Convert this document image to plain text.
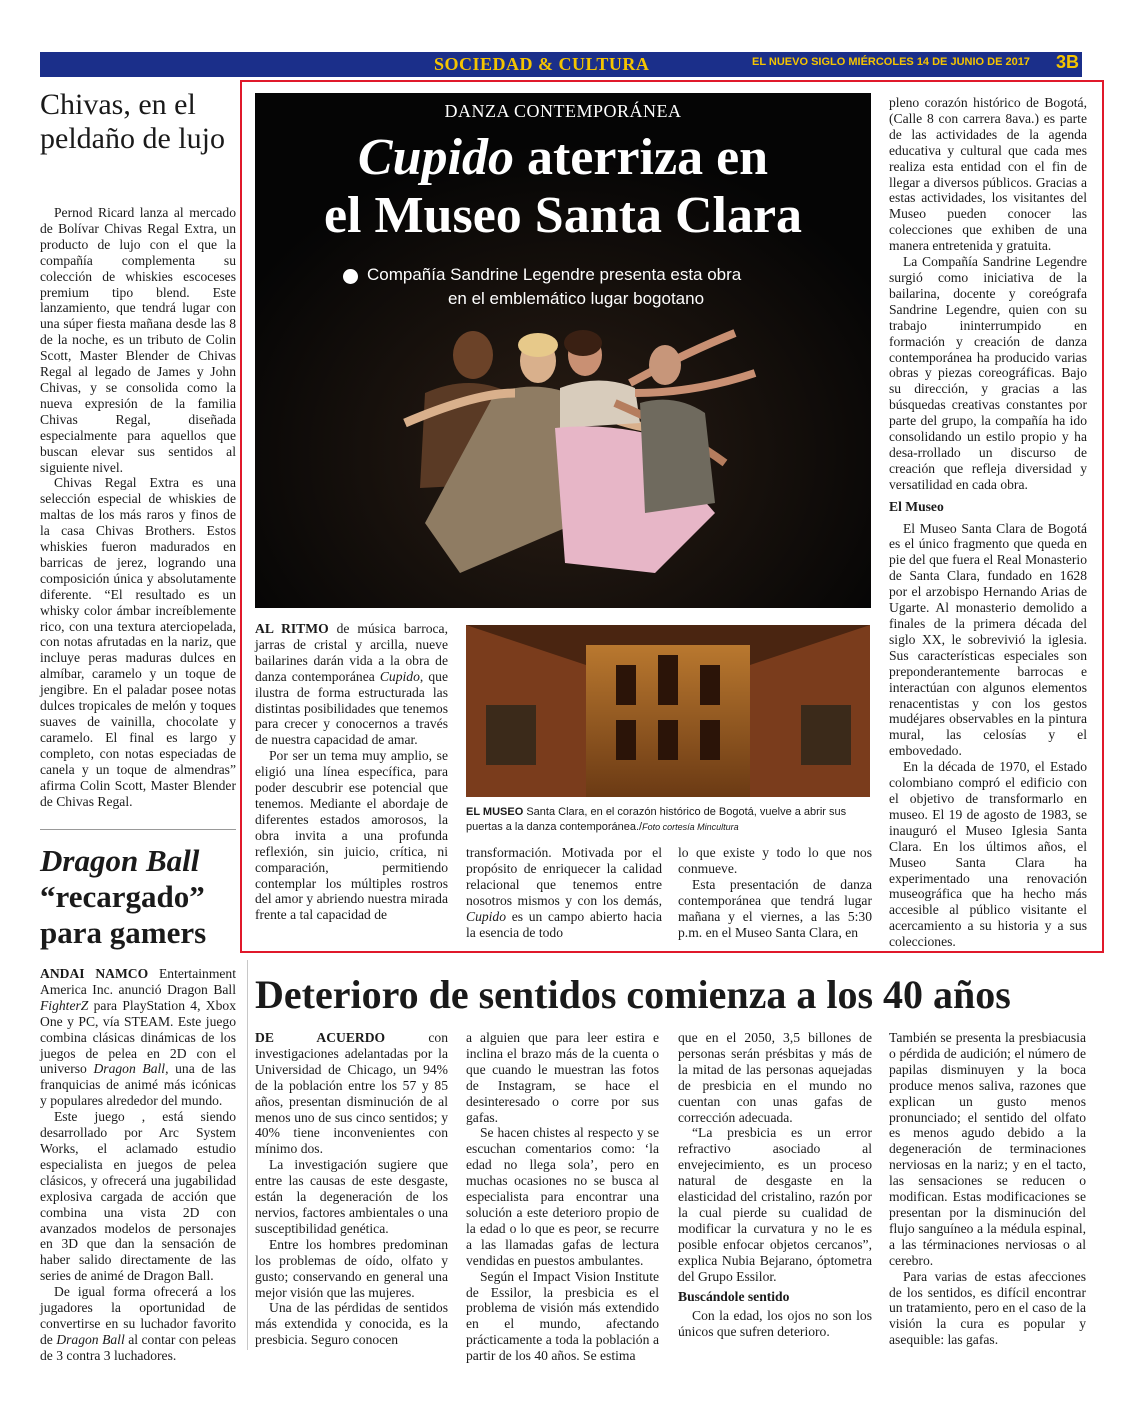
SOCIEDAD & CULTURA	EL NUEVO SIGLO MIÉRCOLES 14 DE JUNIO DE 2017 3B
Chivas, en el peldaño de lujo

Pernod Ricard lanza al mercado de Bolívar Chivas Regal Extra, un producto de lujo con el que la compañía complementa su colección de whiskies escoceses premium tipo blend. Este lanzamiento, que tendrá lugar con una súper fiesta mañana desde las 8 de la noche, es un tributo de Colin Scott, Master Blender de Chivas Regal al legado de James y John Chivas, y se consolida como la nueva expresión de la familia Chivas Regal, diseñada especialmente para aquellos que buscan elevar sus sentidos al siguiente nivel.

Chivas Regal Extra es una selección especial de whiskies de maltas de los más raros y finos de la casa Chivas Brothers. Estos whiskies fueron madurados en barricas de jerez, logrando una composición única y absolutamente diferente. “El resultado es un whisky color ámbar increíblemente rico, con una textura aterciopelada, con notas afrutadas en la nariz, que incluye peras maduras dulces en almíbar, caramelo y un toque de jengibre. En el paladar posee notas dulces tropicales de melón y toques suaves de vainilla, chocolate y caramelo. El final es largo y completo, con notas especiadas de canela y un toque de almendras” afirma Colin Scott, Master Blender de Chivas Regal.

Dragon Ball
“recargado” para gamers

ANDAI NAMCO Entertainment America Inc. anunció Dragon Ball FighterZ para PlayStation 4, Xbox One y PC, vía STEAM. Este juego combina clásicas dinámicas de los juegos de pelea en 2D con el universo Dragon Ball, una de las franquicias de animé más icónicas y populares alrededor del mundo.

Este juego , está siendo desarrollado por Arc System Works, el aclamado estudio especialista en juegos de pelea clásicos, y ofrecerá una jugabilidad explosiva cargada de acción que combina una vista 2D con avanzados modelos de personajes en 3D que dan la sensación de haber salido directamente de las series de animé de Dragon Ball.

De igual forma ofrecerá a los jugadores la oportunidad de convertirse en su luchador favorito de Dragon Ball al contar con peleas de 3 contra 3 luchadores.

DANZA CONTEMPORÁNEA
Cupido aterriza en
el Museo Santa Clara
Compañía Sandrine Legendre presenta esta obra
en el emblemático lugar bogotano

AL RITMO de música barroca, jarras de cristal y arcilla, nueve bailarines darán vida a la obra de danza contemporánea Cupido, que ilustra de forma estructurada las distintas posibilidades que tenemos para crecer y conocernos a través de nuestra capacidad de amar.

Por ser un tema muy amplio, se eligió una línea específica, para poder descubrir ese potencial que tenemos. Mediante el abordaje de diferentes estados amorosos, la obra invita a una profunda reflexión, sin juicio, crítica, ni comparación, permitiendo contemplar los múltiples rostros del amor y abriendo nuestra mirada frente a tal capacidad de

EL MUSEO Santa Clara, en el corazón histórico de Bogotá, vuelve a abrir sus puertas a la danza contemporánea./Foto cortesía Mincultura

transformación. Motivada por el propósito de enriquecer la calidad relacional que tenemos entre nosotros mismos y con los demás, Cupido es un campo abierto hacia la esencia de todo

lo que existe y todo lo que nos conmueve.

Esta presentación de danza contemporánea que tendrá lugar mañana y el viernes, a las 5:30 p.m. en el Museo Santa Clara, en

pleno corazón histórico de Bogotá, (Calle 8 con carrera 8ava.) es parte de las actividades de la agenda educativa y cultural que cada mes realiza esta entidad con el fin de llegar a diversos públicos. Gracias a estas actividades, los visitantes del Museo pueden conocer las colecciones que exhiben de una manera entretenida y gratuita.

La Compañía Sandrine Legendre surgió como iniciativa de la bailarina, docente y coreógrafa Sandrine Legendre, quien con su trabajo ininterrumpido en formación y creación de danza contemporánea ha producido varias obras y piezas coreográficas. Bajo su dirección, y gracias a las búsquedas creativas constantes por parte del grupo, la compañía ha ido consolidando un estilo propio y ha desa-rrollado un discurso de creación que refleja diversidad y versatilidad en cada obra.

El Museo

El Museo Santa Clara de Bogotá es el único fragmento que queda en pie del que fuera el Real Monasterio de Santa Clara, fundado en 1628 por el arzobispo Hernando Arias de Ugarte. Al monasterio demolido a finales de la primera década del siglo XX, le sobrevivió la iglesia. Sus características especiales son preponderantemente barrocas e interactúan con algunos elementos renacentistas y con los gestos mudéjares observables en la pintura mural, las celosías y el embovedado.

En la década de 1970, el Estado colombiano compró el edificio con el objetivo de transformarlo en museo. El 19 de agosto de 1983, se inauguró el Museo Iglesia Santa Clara. En los últimos años, el Museo Santa Clara ha experimentado una renovación museográfica que ha hecho más accesible al público visitante el acercamiento a su historia y a sus colecciones.

Deterioro de sentidos comienza a los 40 años

DE ACUERDO con investigaciones adelantadas por la Universidad de Chicago, un 94% de la población entre los 57 y 85 años, presentan disminución de al menos uno de sus cinco sentidos; y 40% tiene inconvenientes con mínimo dos.

La investigación sugiere que entre las causas de este desgaste, están la degeneración de los nervios, factores ambientales o una susceptibilidad genética.

Entre los hombres predominan los problemas de oído, olfato y gusto; conservando en general una mejor visión que las mujeres.

Una de las pérdidas de sentidos más extendida y conocida, es la presbicia. Seguro conocen

a alguien que para leer estira e inclina el brazo más de la cuenta o que cuando le muestran las fotos de Instagram, se hace el desinteresado o corre por sus gafas.

Se hacen chistes al respecto y se escuchan comentarios como: ‘la edad no llega sola’, pero en muchas ocasiones no se busca al especialista para encontrar una solución a este deterioro propio de la edad o lo que es peor, se recurre a las llamadas gafas de lectura vendidas en puestos ambulantes.

Según el Impact Vision Institute de Essilor, la presbicia es el problema de visión más extendido en el mundo, afectando prácticamente a toda la población a partir de los 40 años. Se estima

que en el 2050, 3,5 billones de personas serán présbitas y más de la mitad de las personas aquejadas de presbicia en el mundo no cuentan con unas gafas de corrección adecuada.

“La presbicia es un error refractivo asociado al envejecimiento, es un proceso natural de desgaste en la elasticidad del cristalino, razón por la cual pierde su cualidad de modificar la curvatura y no le es posible enfocar objetos cercanos”, explica Nubia Bejarano, óptometra del Grupo Essilor.

Buscándole sentido

Con la edad, los ojos no son los únicos que sufren deterioro.

También se presenta la presbiacusia o pérdida de audición; el número de papilas disminuyen y la boca produce menos saliva, razones que explican un gusto menos pronunciado; el sentido del olfato es menos agudo debido a la degeneración de terminaciones nerviosas en la nariz; y en el tacto, las sensaciones se reducen o modifican. Estas modificaciones se presentan por la disminución del flujo sanguíneo a la médula espinal, a las términaciones nerviosas o al cerebro.

Para varias de estas afecciones de los sentidos, es difícil encontrar un tratamiento, pero en el caso de la visión la cura es popular y asequible: las gafas.
